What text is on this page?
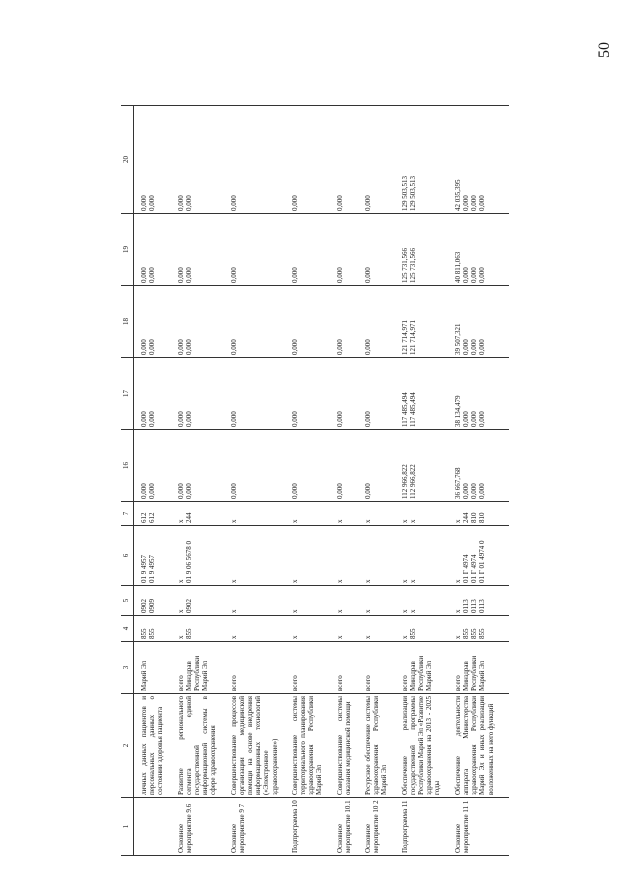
50
1	2	3	4	5	6	7	16	17	18	19	20

	личных данных пациентов и персональных данных о состоянии здоровья пациента	Марий Эл	855 855	0902 0909	01 9 4957 01 9 4957	612 612	0,000 0,000	0,000 0,000	0,000 0,000	0,000 0,000	0,000 0,000

Основное мероприятие 9.6	Развитие регионального сегмента единой государственной информационной системы в сфере здравоохранения	всего Минздрав Республики Марий Эл	x 855	x 0902	x 01 9 06 5678 0	x 244	0,000 0,000	0,000 0,000	0,000 0,000	0,000 0,000	0,000 0,000

Основное мероприятие 9 7	Совершенствование процессов организации медицинской помощи на основе внедрения информационных технологий («Электронное здравоохранение»)	всего	x	x	x	x	0,000	0,000	0,000	0,000	0,000

Подпрограмма 10	Совершенствование системы территориального планирования здравоохранения Республики Марий Эл	всего	x	x	x	x	0,000	0,000	0,000	0,000	0,000

Основное мероприятие 10.1	Совершенствование системы оказания медицинской помощи	всего	x	x	x	x	0,000	0,000	0,000	0,000	0,000

Основное мероприятие 10 2	Ресурсное обеспечение системы здравоохранения Республики Марий Эл	всего	x	x	x	x	0,000	0,000	0,000	0,000	0,000

Подпрограмма 11	Обеспечение реализации государственной программы Республики Марий Эл «Развитие здравоохранения на 2013 - 2025 годы	всего Минздрав Республики Марий Эл	x 855	x x	x x	x x	112 966,822 112 966,822	117 485,494 117 485,494	121 714,971 121 714,971	125 731,566 125 731,566	129 503,513 129 503,513

Основное мероприятие 11 1	Обеспечение деятельности аппарата Министерства здравоохранения Республики Марий Эл и иных реализации возложенных на него функций	всего Минздрав Республики Марий Эл	x 855 855 855	x 0113 0113 0113	x 01 Г 4974 01 Г 4974 01 Г 01 4974 0	x 244 810 810	36 667,768 0,000 0,000 0,000	38 134,479 0,000 0,000 0,000	39 507,321 0,000 0,000 0,000	40 811,063 0,000 0,000 0,000	42 035,395 0,000 0,000 0,000
